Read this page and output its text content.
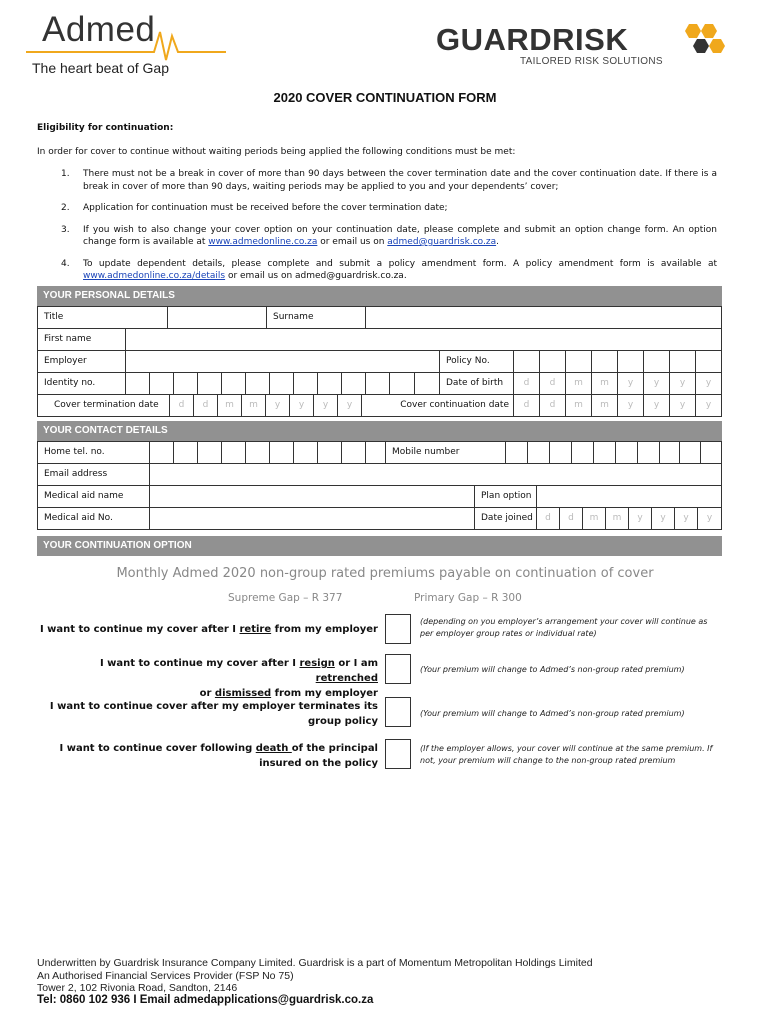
Admed
The heart beat of Gap
GUARDRISK
TAILORED RISK SOLUTIONS
2020 COVER CONTINUATION FORM
Eligibility for continuation:
In order for cover to continue without waiting periods being applied the following conditions must be met:
1. There must not be a break in cover of more than 90 days between the cover termination date and the cover continuation date. If there is a break in cover of more than 90 days, waiting periods may be applied to you and your dependents’ cover;
2. Application for continuation must be received before the cover termination date;
3. If you wish to also change your cover option on your continuation date, please complete and submit an option change form. An option change form is available at www.admedonline.co.za or email us on admed@guardrisk.co.za.
4. To update dependent details, please complete and submit a policy amendment form. A policy amendment form is available at www.admedonline.co.za/details or email us on admed@guardrisk.co.za.
YOUR PERSONAL DETAILS
Title	Surname
First name
Employer	Policy No.
Identity no.	Date of birth	d	d	m	m	y	y	y	y
Cover termination date	d	d	m	m	y	y	y	y	Cover continuation date	d	d	m	m	y	y	y	y
YOUR CONTACT DETAILS
Home tel. no.	Mobile number
Email address
Medical aid name	Plan option
Medical aid No.	Date joined	d	d	m	m	y	y	y	y
YOUR CONTINUATION OPTION
Monthly Admed 2020 non-group rated premiums payable on continuation of cover
Supreme Gap – R 377	Primary Gap – R 300
I want to continue my cover after I retire from my employer
(depending on you employer’s arrangement your cover will continue as per employer group rates or individual rate)
I want to continue my cover after I resign or I am retrenched
or dismissed from my employer
(Your premium will change to Admed’s non-group rated premium)
I want to continue cover after my employer terminates its group policy
(Your premium will change to Admed’s non-group rated premium)
I want to continue cover following death of the principal insured on the policy
(If the employer allows, your cover will continue at the same premium. If not, your premium will change to the non-group rated premium
Underwritten by Guardrisk Insurance Company Limited. Guardrisk is a part of Momentum Metropolitan Holdings Limited
An Authorised Financial Services Provider (FSP No 75)
Tower 2, 102 Rivonia Road, Sandton, 2146
Tel: 0860 102 936 I Email admedapplications@guardrisk.co.za
